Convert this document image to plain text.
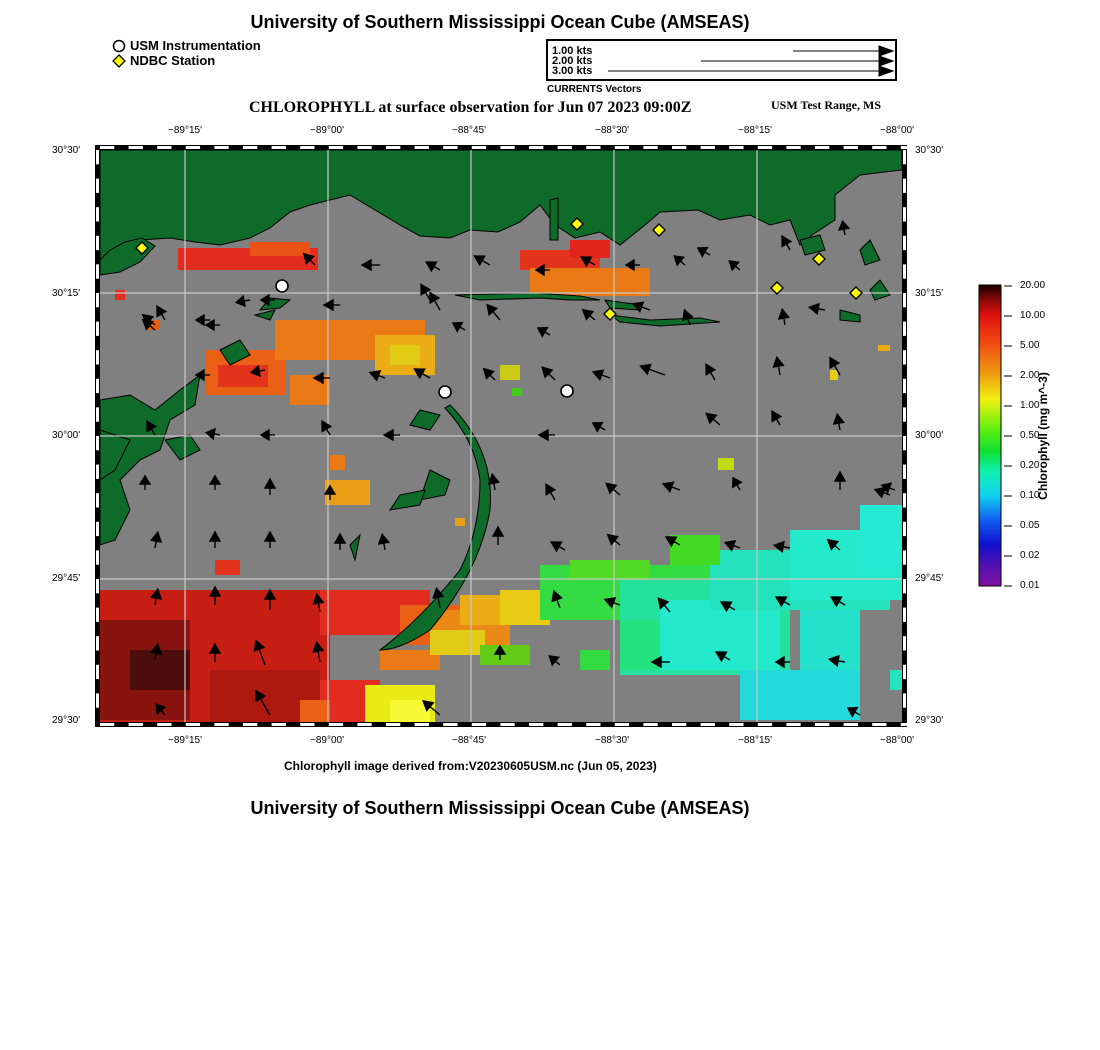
University of Southern Mississippi Ocean Cube (AMSEAS)
USM Instrumentation
NDBC Station
1.00 kts
2.00 kts
3.00 kts
CURRENTS Vectors
CHLOROPHYLL at surface observation for Jun 07 2023 09:00Z	USM Test Range, MS
−89°15'	−89°00'	−88°45'	−88°30'	−88°15'	−88°00'
−89°15'	−89°00'	−88°45'	−88°30'	−88°15'	−88°00'
30°30'
30°15'
30°00'
29°45'
29°30'
30°30'
30°15'
30°00'
29°45'
29°30'
Chlorophyll image derived from:V20230605USM.nc (Jun 05, 2023)
20.00
10.00
5.00
2.00
1.00
0.50
0.20
0.10
0.05
0.02
0.01
Chlorophyll (mg m^-3)
University of Southern Mississippi Ocean Cube (AMSEAS)
